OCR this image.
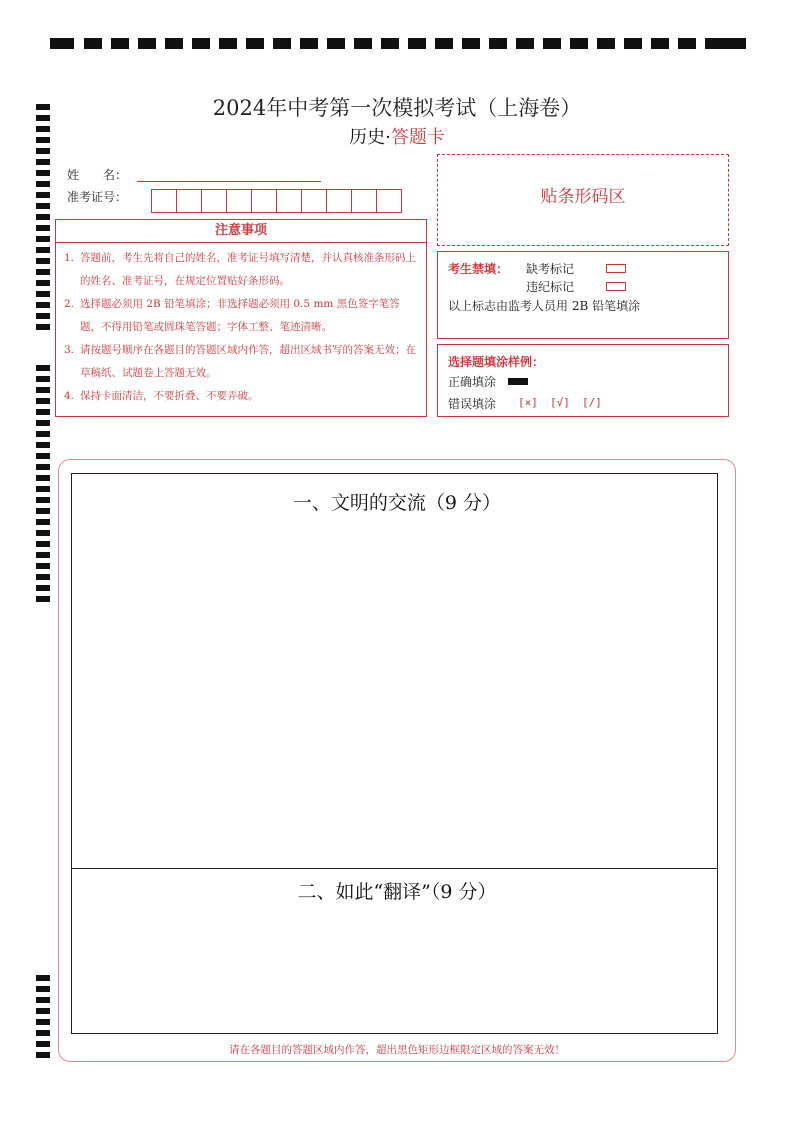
2024年中考第一次模拟考试（上海卷）
历史·答题卡
姓　　名：
准考证号：
注意事项
1. 答题前，考生先将自己的姓名，准考证号填写清楚，并认真核准条形码上的姓名、准考证号，在规定位置贴好条形码。
2. 选择题必须用 2B 铅笔填涂；非选择题必须用 0.5 mm 黑色签字笔答题，不得用铅笔或圆珠笔答题；字体工整、笔迹清晰。
3. 请按题号顺序在各题目的答题区域内作答，超出区域书写的答案无效；在草稿纸、试题卷上答题无效。
4. 保持卡面清洁，不要折叠、不要弄破。
贴条形码区
考生禁填： 缺考标记
违纪标记
以上标志由监考人员用 2B 铅笔填涂
选择题填涂样例：
正确填涂
错误填涂 [×] [√] [/]
一、文明的交流（9 分）
二、如此“翻译”（9 分）
请在各题目的答题区域内作答，超出黑色矩形边框限定区域的答案无效！
